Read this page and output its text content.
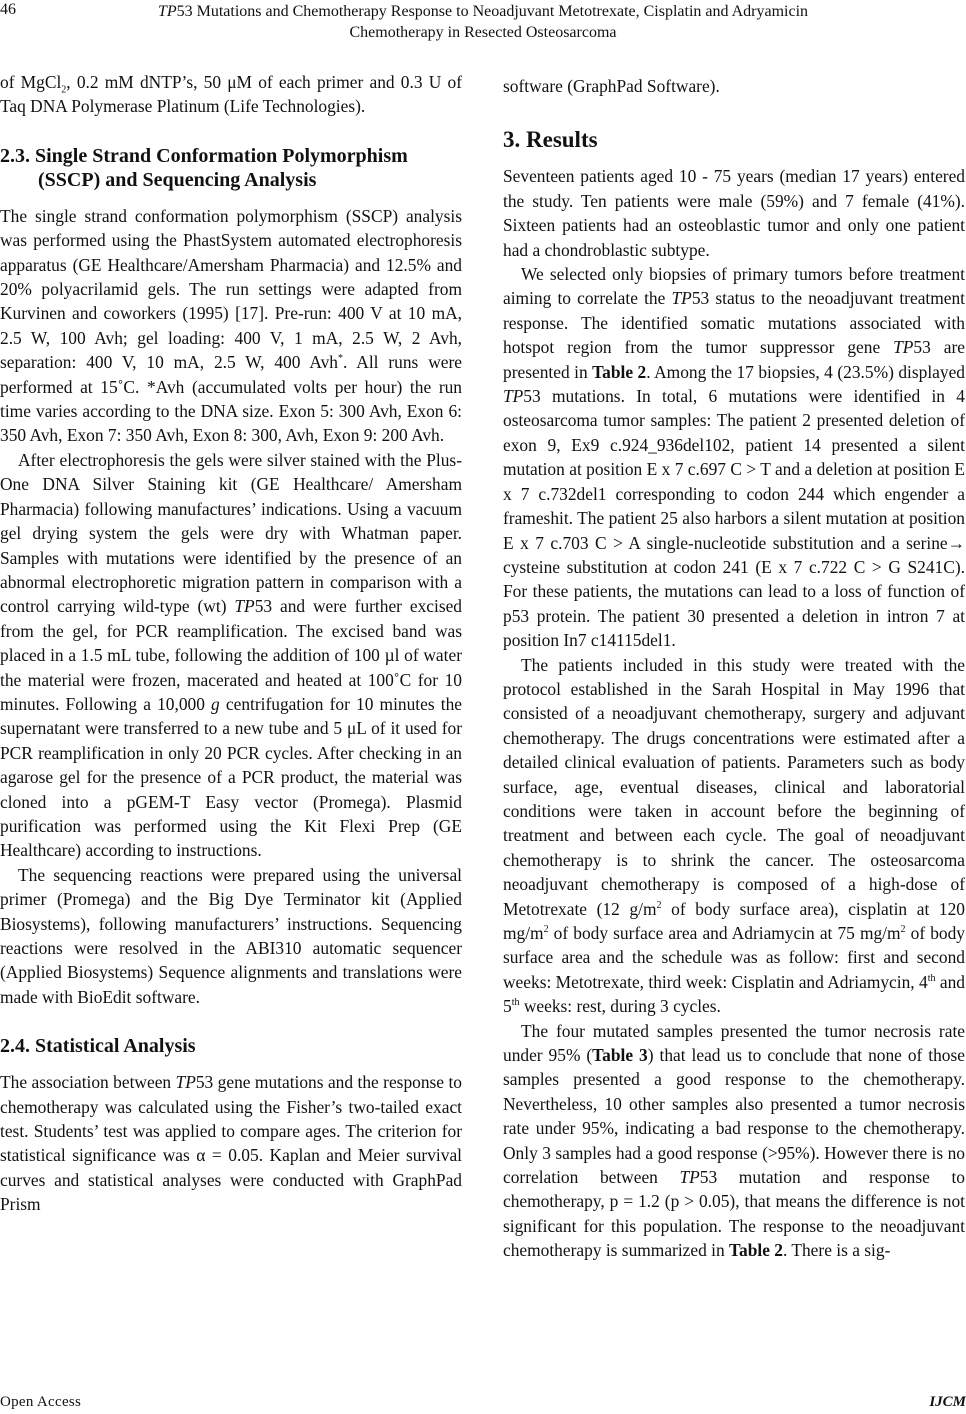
46	TP53 Mutations and Chemotherapy Response to Neoadjuvant Metotrexate, Cisplatin and Adryamicin
Chemotherapy in Resected Osteosarcoma

of MgCl$_2$, 0.2 mM dNTP’s, 50 μM of each primer and 0.3 U of Taq DNA Polymerase Platinum (Life Technologies).

2.3. Single Strand Conformation Polymorphism (SSCP) and Sequencing Analysis

The single strand conformation polymorphism (SSCP) analysis was performed using the PhastSystem automated electrophoresis apparatus (GE Healthcare/Amersham Pharmacia) and 12.5% and 20% polyacrilamid gels. The run settings were adapted from Kurvinen and coworkers (1995) [17]. Pre-run: 400 V at 10 mA, 2.5 W, 100 Avh; gel loading: 400 V, 1 mA, 2.5 W, 2 Avh, separation: 400 V, 10 mA, 2.5 W, 400 Avh*. All runs were performed at 15˚C. *Avh (accumulated volts per hour) the run time varies according to the DNA size. Exon 5: 300 Avh, Exon 6: 350 Avh, Exon 7: 350 Avh, Exon 8: 300, Avh, Exon 9: 200 Avh.

After electrophoresis the gels were silver stained with the Plus-One DNA Silver Staining kit (GE Healthcare/ Amersham Pharmacia) following manufactures’ indications. Using a vacuum gel drying system the gels were dry with Whatman paper. Samples with mutations were identified by the presence of an abnormal electrophoretic migration pattern in comparison with a control carrying wild-type (wt) TP53 and were further excised from the gel, for PCR reamplification. The excised band was placed in a 1.5 mL tube, following the addition of 100 µl of water the material were frozen, macerated and heated at 100˚C for 10 minutes. Following a 10,000 g centrifugation for 10 minutes the supernatant were transferred to a new tube and 5 μL of it used for PCR reamplification in only 20 PCR cycles. After checking in an agarose gel for the presence of a PCR product, the material was cloned into a pGEM-T Easy vector (Promega). Plasmid purification was performed using the Kit Flexi Prep (GE Healthcare) according to instructions.

The sequencing reactions were prepared using the universal primer (Promega) and the Big Dye Terminator kit (Applied Biosystems), following manufacturers’ instructions. Sequencing reactions were resolved in the ABI310 automatic sequencer (Applied Biosystems) Sequence alignments and translations were made with BioEdit software.

2.4. Statistical Analysis

The association between TP53 gene mutations and the response to chemotherapy was calculated using the Fisher’s two-tailed exact test. Students’ test was applied to compare ages. The criterion for statistical significance was α = 0.05. Kaplan and Meier survival curves and statistical analyses were conducted with GraphPad Prism

software (GraphPad Software).

3. Results

Seventeen patients aged 10 - 75 years (median 17 years) entered the study. Ten patients were male (59%) and 7 female (41%). Sixteen patients had an osteoblastic tumor and only one patient had a chondroblastic subtype.

We selected only biopsies of primary tumors before treatment aiming to correlate the TP53 status to the neoadjuvant treatment response. The identified somatic mutations associated with hotspot region from the tumor suppressor gene TP53 are presented in Table 2. Among the 17 biopsies, 4 (23.5%) displayed TP53 mutations. In total, 6 mutations were identified in 4 osteosarcoma tumor samples: The patient 2 presented deletion of exon 9, Ex9 c.924_936del102, patient 14 presented a silent mutation at position E x 7 c.697 C > T and a deletion at position E x 7 c.732del1 corresponding to codon 244 which engender a frameshit. The patient 25 also harbors a silent mutation at position E x 7 c.703 C > A single-nucleotide substitution and a serine→ cysteine substitution at codon 241 (E x 7 c.722 C > G S241C). For these patients, the mutations can lead to a loss of function of p53 protein. The patient 30 presented a deletion in intron 7 at position In7 c14115del1.

The patients included in this study were treated with the protocol established in the Sarah Hospital in May 1996 that consisted of a neoadjuvant chemotherapy, surgery and adjuvant chemotherapy. The drugs concentrations were estimated after a detailed clinical evaluation of patients. Parameters such as body surface, age, eventual diseases, clinical and laboratorial conditions were taken in account before the beginning of treatment and between each cycle. The goal of neoadjuvant chemotherapy is to shrink the cancer. The osteosarcoma neoadjuvant chemotherapy is composed of a high-dose of Metotrexate (12 $g/m^2$ of body surface area), cisplatin at 120 $mg/m^2$ of body surface area and Adriamycin at 75 $mg/m^2$ of body surface area and the schedule was as follow: first and second weeks: Metotrexate, third week: Cisplatin and Adriamycin, 4th and 5th weeks: rest, during 3 cycles.

The four mutated samples presented the tumor necrosis rate under 95% (Table 3) that lead us to conclude that none of those samples presented a good response to the chemotherapy. Nevertheless, 10 other samples also presented a tumor necrosis rate under 95%, indicating a bad response to the chemotherapy. Only 3 samples had a good response (>95%). However there is no correlation between TP53 mutation and response to chemotherapy, p = 1.2 (p > 0.05), that means the difference is not significant for this population. The response to the neoadjuvant chemotherapy is summarized in Table 2. There is a sig-

Open Access	IJCM
